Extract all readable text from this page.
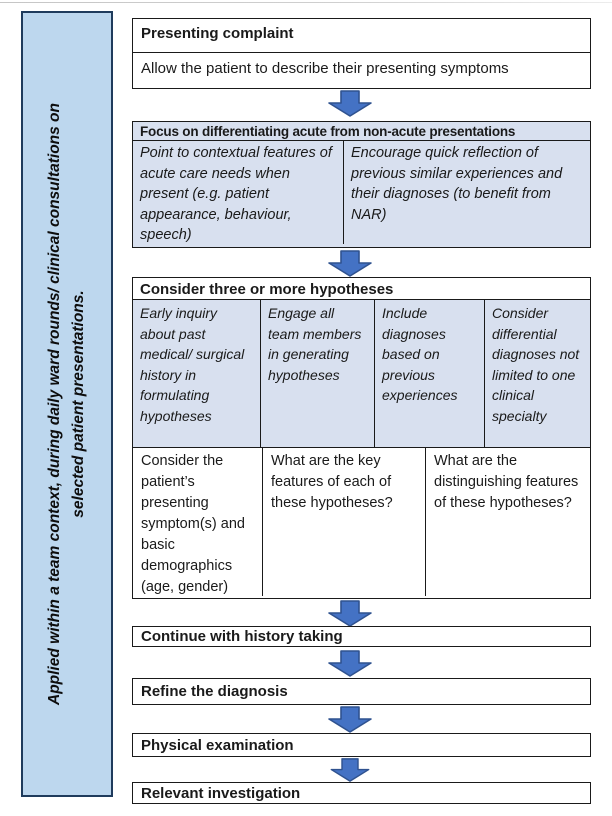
Applied within a team context, during daily ward rounds/ clinical consultations on selected patient presentations.
Presenting complaint
Allow the patient to describe their presenting symptoms
Focus on differentiating acute from non-acute presentations
Point to contextual features of acute care needs when present (e.g. patient appearance, behaviour, speech)
Encourage quick reflection of previous similar experiences and their diagnoses (to benefit from NAR)
Consider three or more hypotheses
Early inquiry about past medical/ surgical history in formulating hypotheses
Engage all team members in generating hypotheses
Include diagnoses based on previous experiences
Consider differential diagnoses not limited to one clinical specialty
Consider the patient’s presenting symptom(s) and basic demographics (age, gender)
What are the key features of each of these hypotheses?
What are the distinguishing features of these hypotheses?
Continue with history taking
Refine the diagnosis
Physical examination
Relevant investigation
